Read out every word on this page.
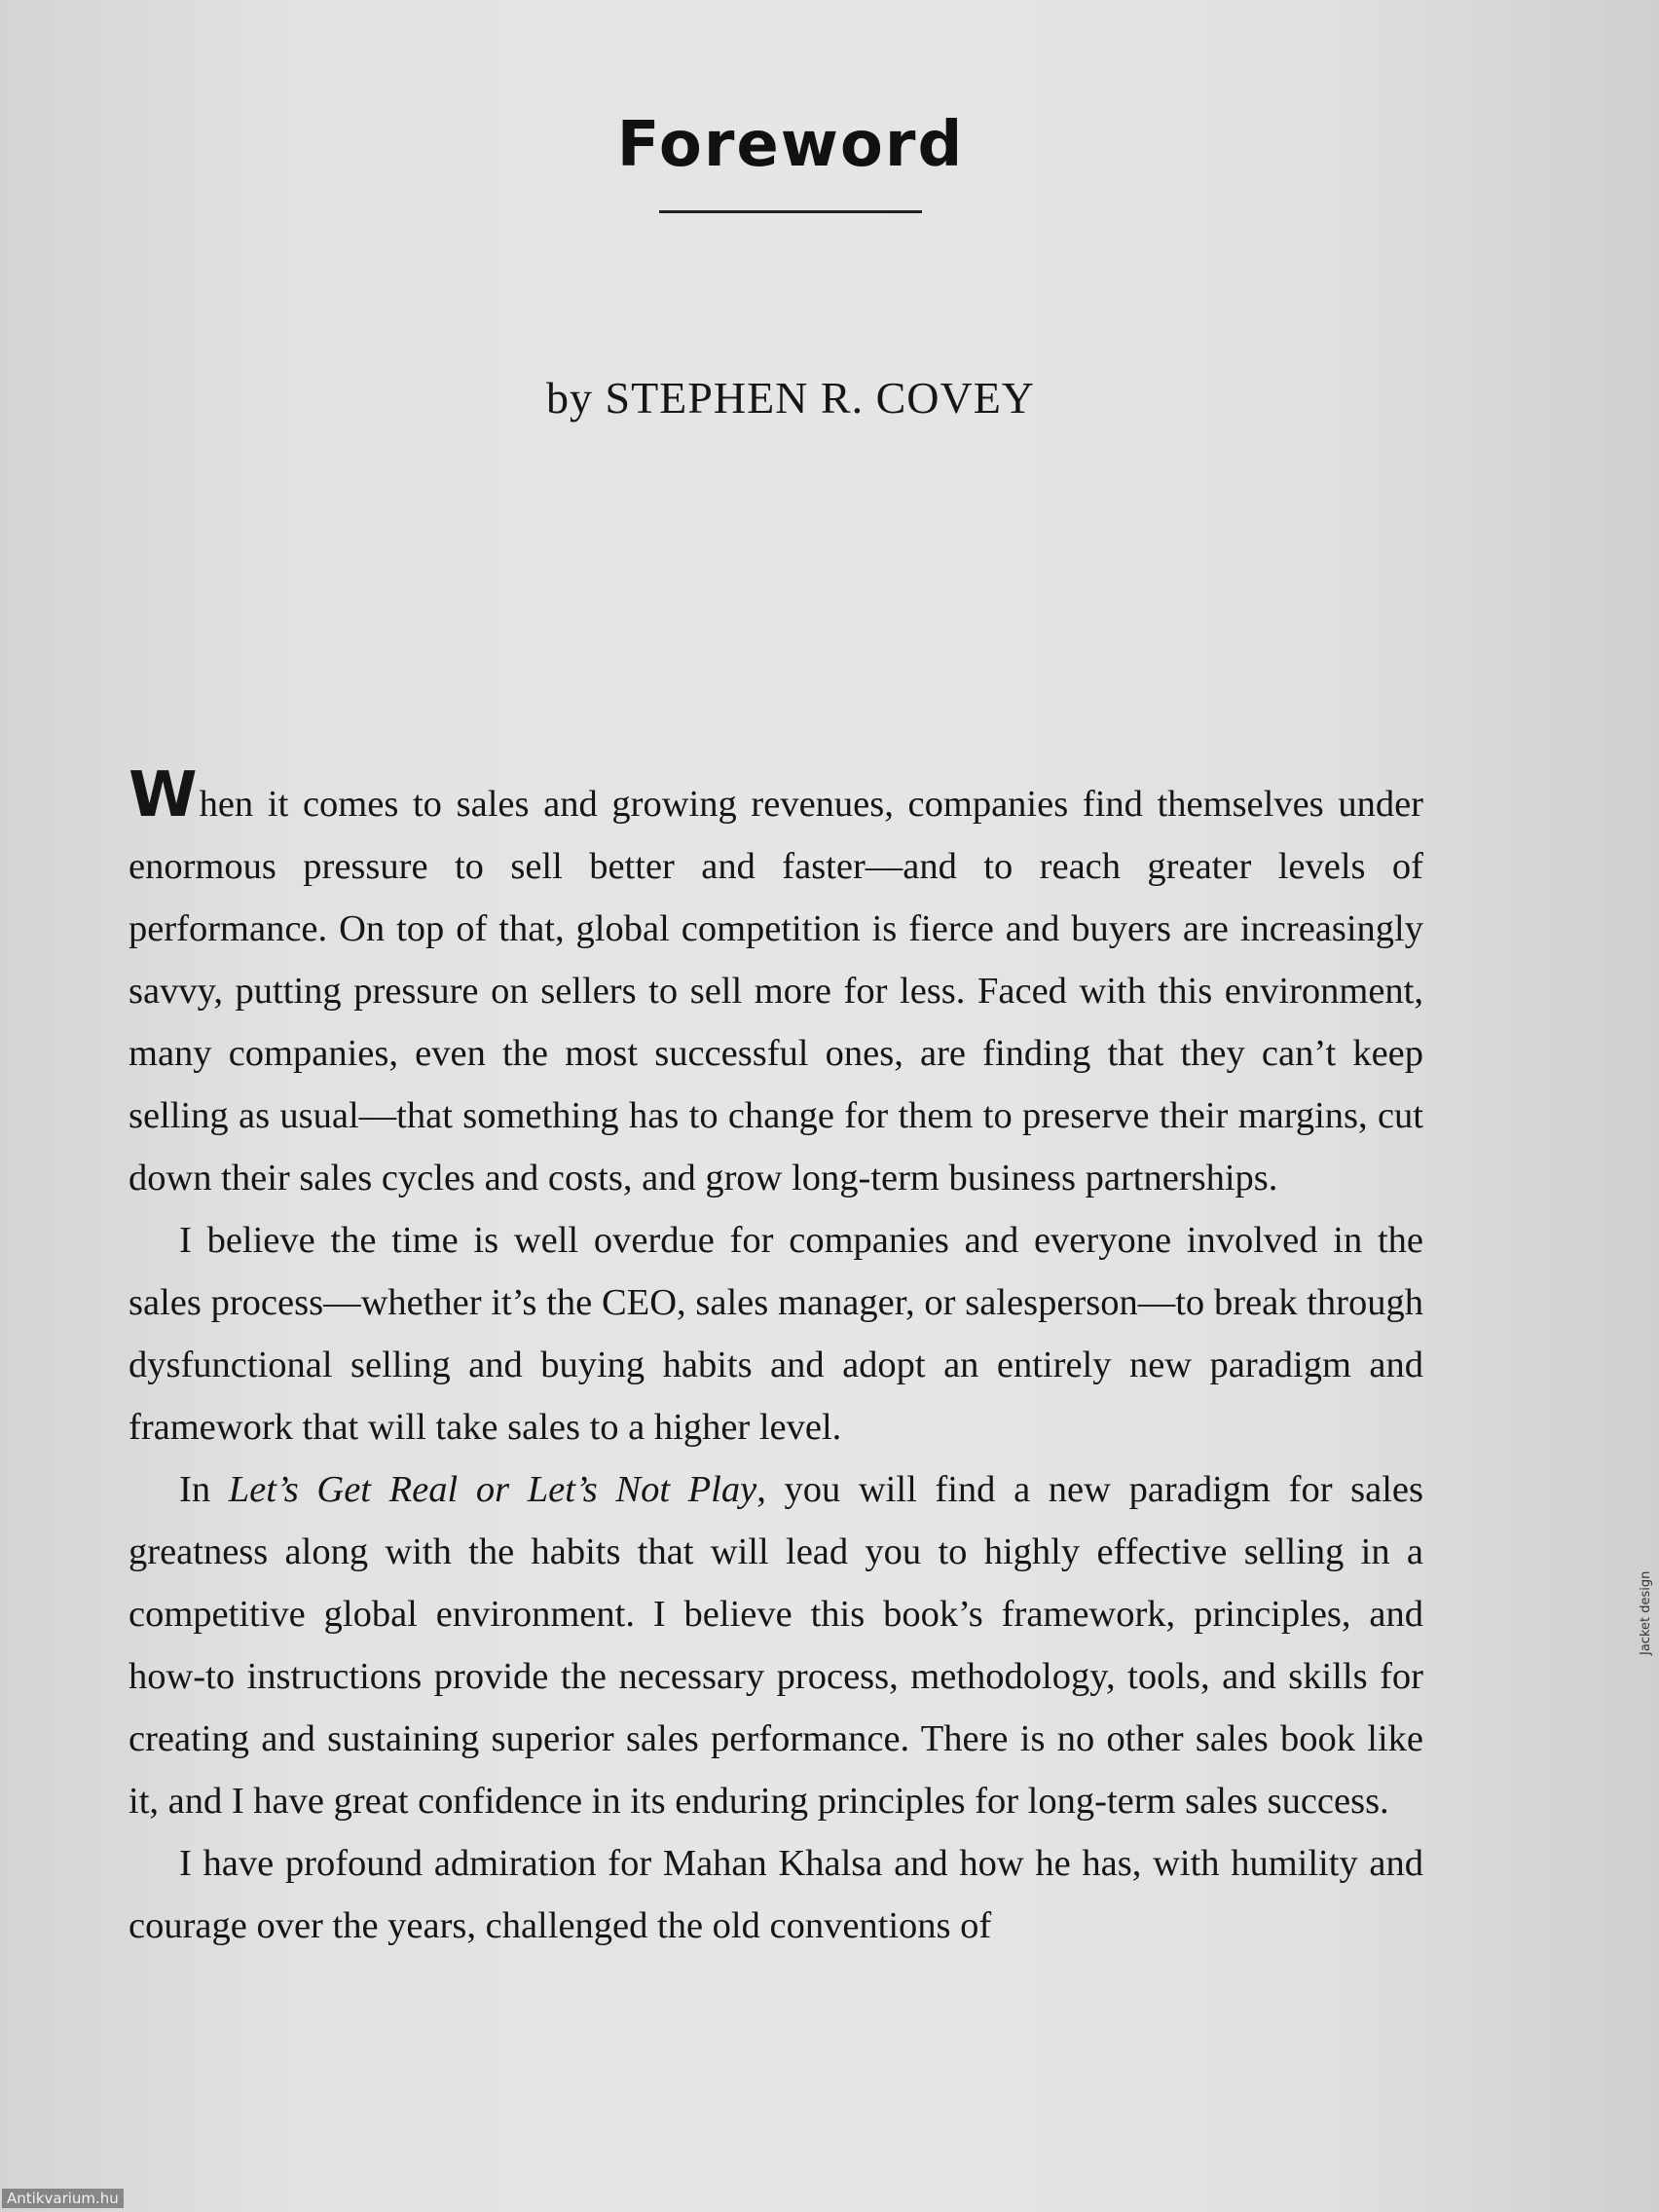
Foreword
by STEPHEN R. COVEY

When it comes to sales and growing revenues, companies find themselves under enormous pressure to sell better and faster—and to reach greater levels of performance. On top of that, global competition is fierce and buyers are increasingly savvy, putting pressure on sellers to sell more for less. Faced with this environment, many companies, even the most successful ones, are finding that they can’t keep selling as usual—that something has to change for them to preserve their margins, cut down their sales cycles and costs, and grow long-term business partnerships.

I believe the time is well overdue for companies and everyone involved in the sales process—whether it’s the CEO, sales manager, or salesperson—to break through dysfunctional selling and buying habits and adopt an entirely new paradigm and framework that will take sales to a higher level.

In Let’s Get Real or Let’s Not Play, you will find a new paradigm for sales greatness along with the habits that will lead you to highly effective selling in a competitive global environment. I believe this book’s framework, principles, and how-to instructions provide the necessary process, methodology, tools, and skills for creating and sustaining superior sales performance. There is no other sales book like it, and I have great confidence in its enduring principles for long-term sales success.

I have profound admiration for Mahan Khalsa and how he has, with humility and courage over the years, challenged the old conventions of

Jacket design
Antikvarium.hu
